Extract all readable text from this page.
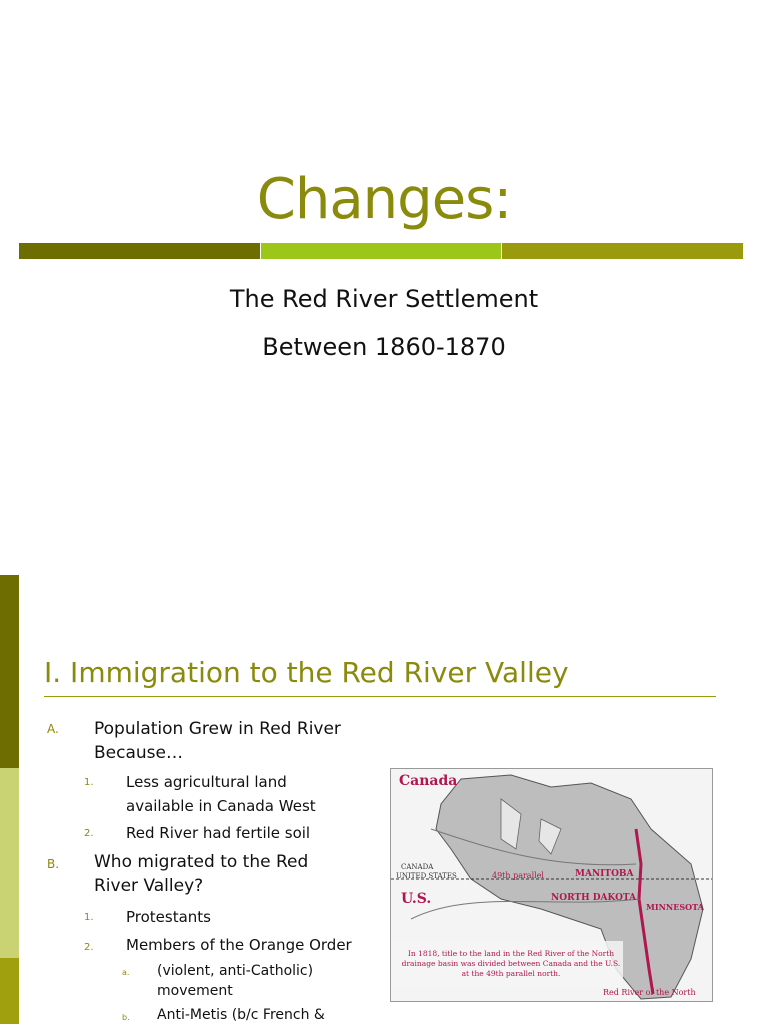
Changes:
The Red River Settlement
Between 1860-1870
I. Immigration to the Red River Valley
A. Population Grew in Red River
Because…
1. Less agricultural land
available in Canada West
2. Red River had fertile soil
B. Who migrated to the Red
River Valley?
1. Protestants
2. Members of the Orange Order
a. (violent, anti-Catholic)
movement
b. Anti-Metis (b/c French &
Canada
U.S.
UNITED STATES
CANADA
49th parallel	MANITOBA
NORTH DAKOTA
MINNESOTA
In 1818, title to the land in the Red River of the North
drainage basin was divided between Canada and the U.S.
at the 49th parallel north.
Red River of the North
